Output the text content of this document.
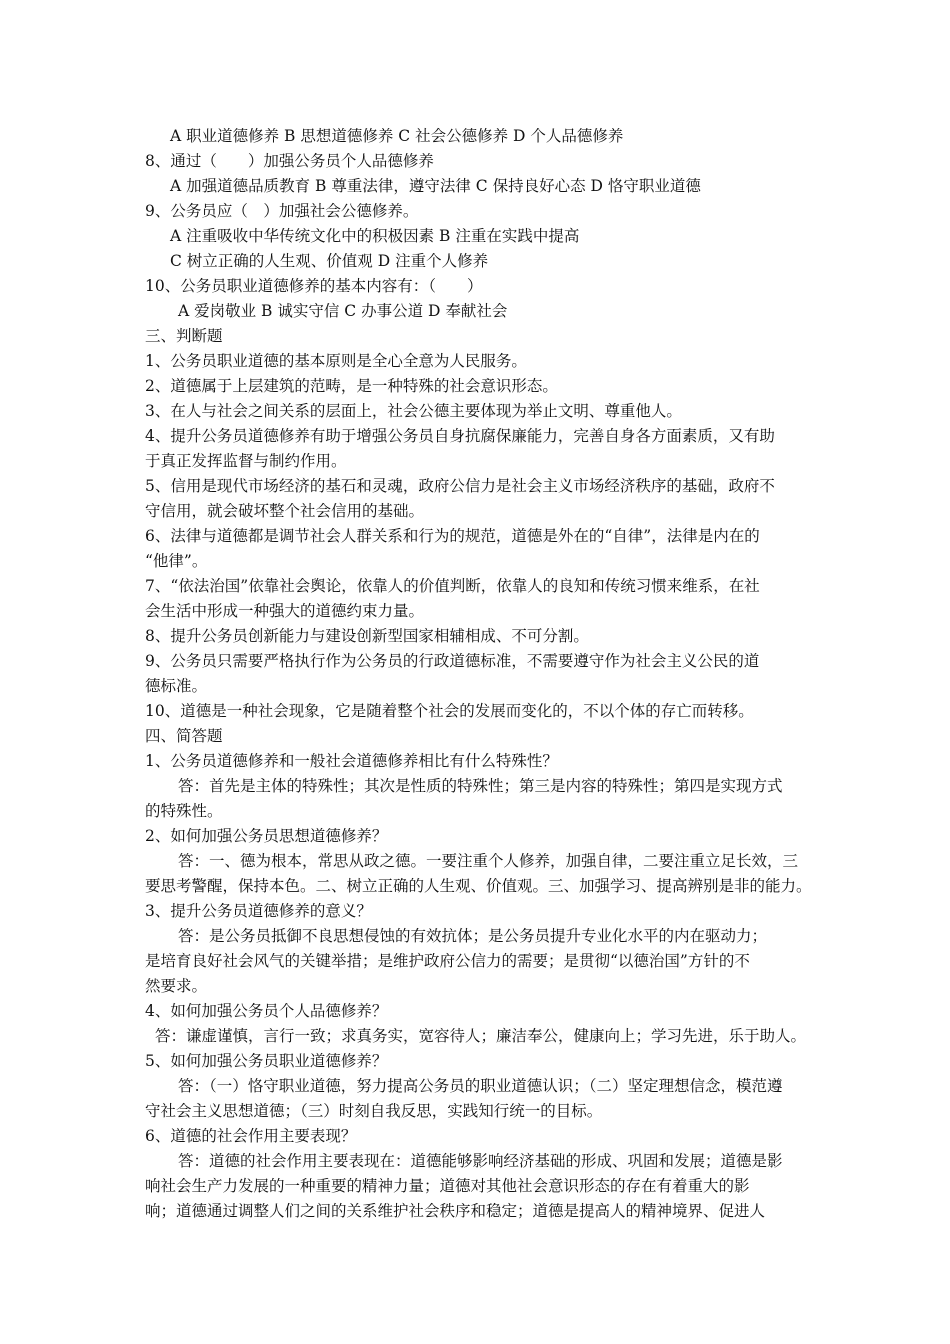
A 职业道德修养 B 思想道德修养 C 社会公德修养 D 个人品德修养
8、通过（　　）加强公务员个人品德修养
A 加强道德品质教育 B 尊重法律，遵守法律 C 保持良好心态 D 恪守职业道德
9、公务员应（　）加强社会公德修养。
A 注重吸收中华传统文化中的积极因素 B 注重在实践中提高
C 树立正确的人生观、价值观 D 注重个人修养
10、公务员职业道德修养的基本内容有：（　　）
A 爱岗敬业 B 诚实守信 C 办事公道 D 奉献社会
三、判断题
1、公务员职业道德的基本原则是全心全意为人民服务。
2、道德属于上层建筑的范畴，是一种特殊的社会意识形态。
3、在人与社会之间关系的层面上，社会公德主要体现为举止文明、尊重他人。
4、提升公务员道德修养有助于增强公务员自身抗腐保廉能力，完善自身各方面素质，又有助
于真正发挥监督与制约作用。
5、信用是现代市场经济的基石和灵魂，政府公信力是社会主义市场经济秩序的基础，政府不
守信用，就会破坏整个社会信用的基础。
6、法律与道德都是调节社会人群关系和行为的规范，道德是外在的“自律”，法律是内在的
“他律”。
7、“依法治国”依靠社会舆论，依靠人的价值判断，依靠人的良知和传统习惯来维系，在社
会生活中形成一种强大的道德约束力量。
8、提升公务员创新能力与建设创新型国家相辅相成、不可分割。
9、公务员只需要严格执行作为公务员的行政道德标准，不需要遵守作为社会主义公民的道
德标准。
10、道德是一种社会现象，它是随着整个社会的发展而变化的，不以个体的存亡而转移。
四、简答题
1、公务员道德修养和一般社会道德修养相比有什么特殊性？
答：首先是主体的特殊性；其次是性质的特殊性；第三是内容的特殊性；第四是实现方式
的特殊性。
2、如何加强公务员思想道德修养？
答：一、德为根本，常思从政之德。一要注重个人修养，加强自律，二要注重立足长效，三
要思考警醒，保持本色。二、树立正确的人生观、价值观。三、加强学习、提高辨别是非的能力。
3、提升公务员道德修养的意义？
答：是公务员抵御不良思想侵蚀的有效抗体；是公务员提升专业化水平的内在驱动力；
是培育良好社会风气的关键举措；是维护政府公信力的需要；是贯彻“以德治国”方针的不
然要求。
4、如何加强公务员个人品德修养？
答：谦虚谨慎，言行一致；求真务实，宽容待人；廉洁奉公，健康向上；学习先进，乐于助人。
5、如何加强公务员职业道德修养？
答：（一）恪守职业道德，努力提高公务员的职业道德认识；（二）坚定理想信念，模范遵
守社会主义思想道德；（三）时刻自我反思，实践知行统一的目标。
6、道德的社会作用主要表现？
答：道德的社会作用主要表现在：道德能够影响经济基础的形成、巩固和发展；道德是影
响社会生产力发展的一种重要的精神力量；道德对其他社会意识形态的存在有着重大的影
响；道德通过调整人们之间的关系维护社会秩序和稳定；道德是提高人的精神境界、促进人
